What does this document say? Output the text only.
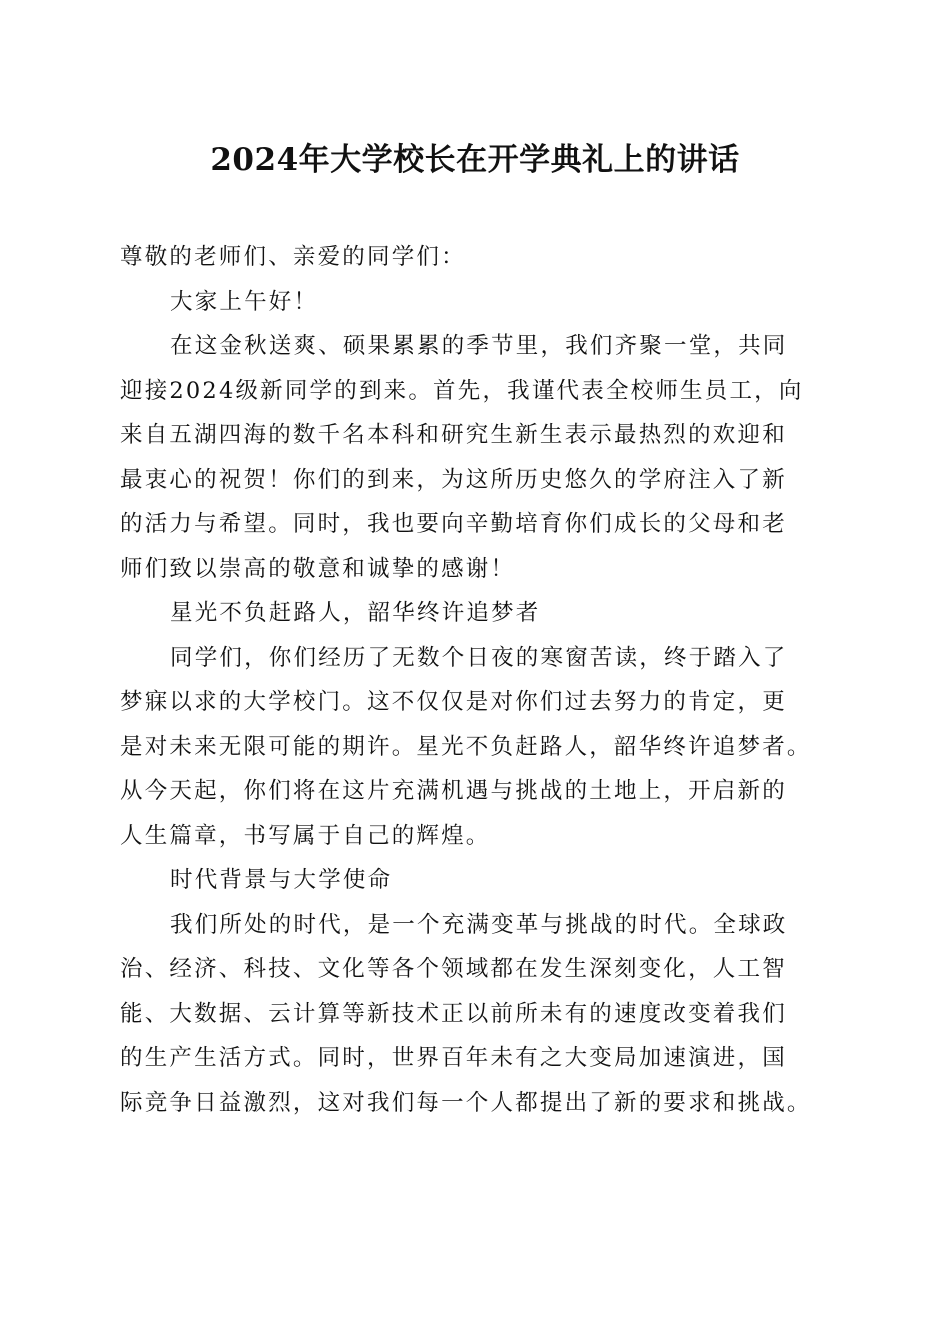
2024年大学校长在开学典礼上的讲话
尊敬的老师们、亲爱的同学们：
大家上午好！
在这金秋送爽、硕果累累的季节里，我们齐聚一堂，共同
迎接2024级新同学的到来。首先，我谨代表全校师生员工，向
来自五湖四海的数千名本科和研究生新生表示最热烈的欢迎和
最衷心的祝贺！你们的到来，为这所历史悠久的学府注入了新
的活力与希望。同时，我也要向辛勤培育你们成长的父母和老
师们致以崇高的敬意和诚挚的感谢！
星光不负赶路人，韶华终许追梦者
同学们，你们经历了无数个日夜的寒窗苦读，终于踏入了
梦寐以求的大学校门。这不仅仅是对你们过去努力的肯定，更
是对未来无限可能的期许。星光不负赶路人，韶华终许追梦者。
从今天起，你们将在这片充满机遇与挑战的土地上，开启新的
人生篇章，书写属于自己的辉煌。
时代背景与大学使命
我们所处的时代，是一个充满变革与挑战的时代。全球政
治、经济、科技、文化等各个领域都在发生深刻变化，人工智
能、大数据、云计算等新技术正以前所未有的速度改变着我们
的生产生活方式。同时，世界百年未有之大变局加速演进，国
际竞争日益激烈，这对我们每一个人都提出了新的要求和挑战。
